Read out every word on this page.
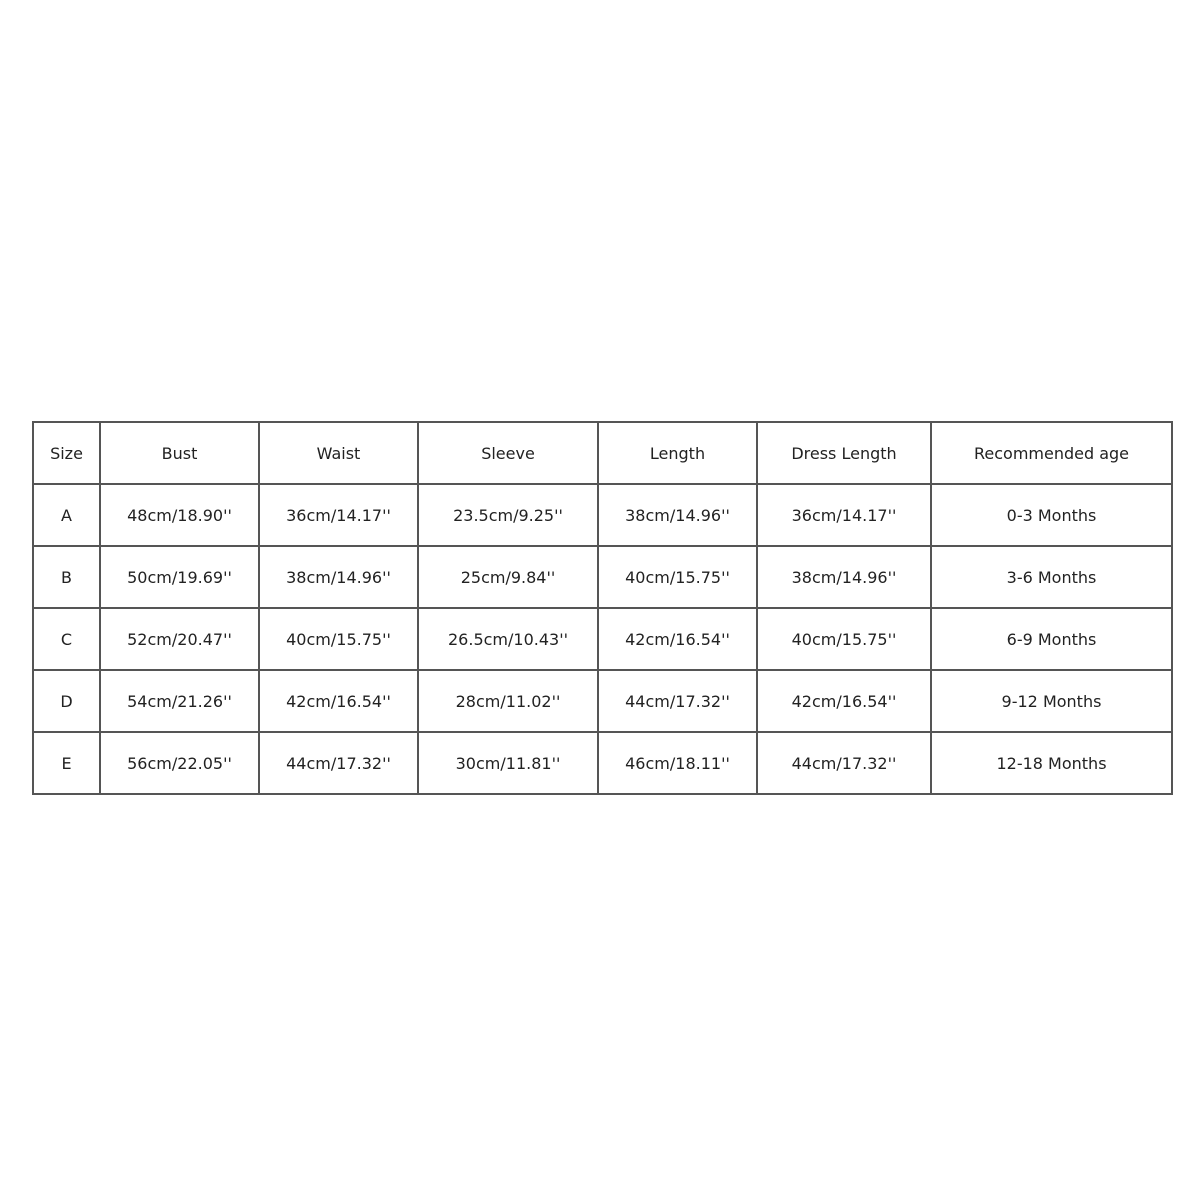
Size	Bust	Waist	Sleeve	Length	Dress Length	Recommended age
A	48cm/18.90''	36cm/14.17''	23.5cm/9.25''	38cm/14.96''	36cm/14.17''	0-3 Months
B	50cm/19.69''	38cm/14.96''	25cm/9.84''	40cm/15.75''	38cm/14.96''	3-6 Months
C	52cm/20.47''	40cm/15.75''	26.5cm/10.43''	42cm/16.54''	40cm/15.75''	6-9 Months
D	54cm/21.26''	42cm/16.54''	28cm/11.02''	44cm/17.32''	42cm/16.54''	9-12 Months
E	56cm/22.05''	44cm/17.32''	30cm/11.81''	46cm/18.11''	44cm/17.32''	12-18 Months
